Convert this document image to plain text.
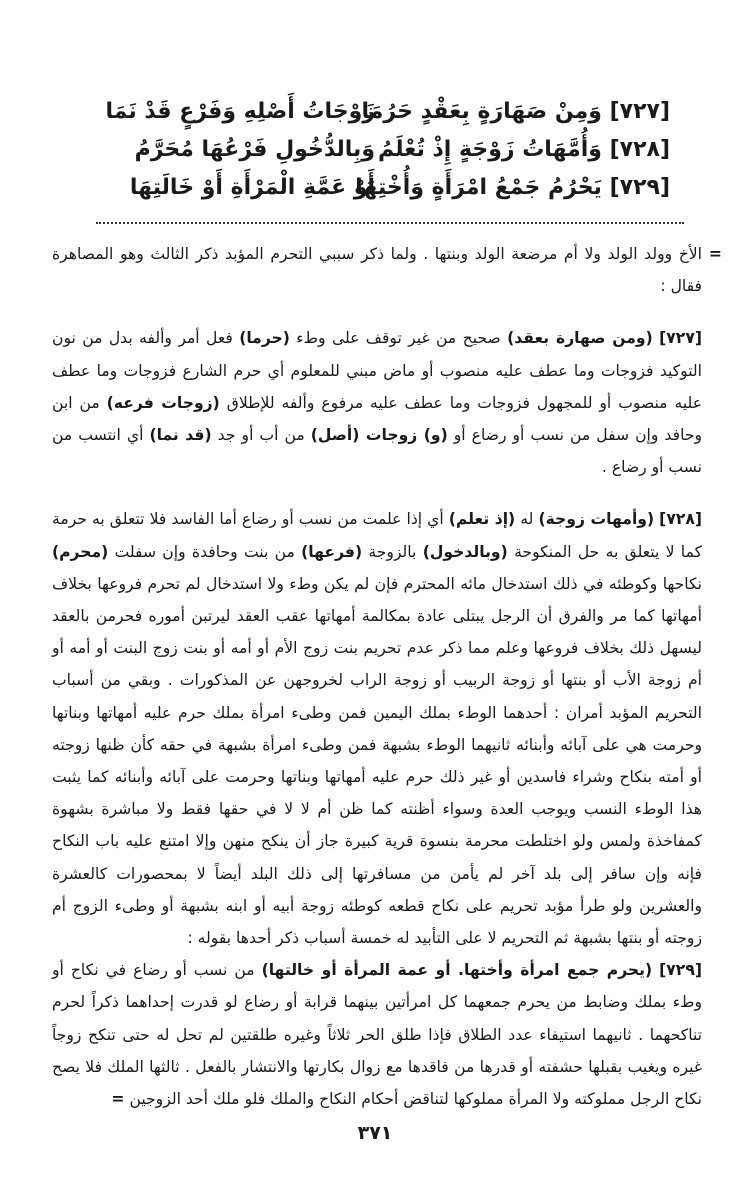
[٧٢٧] وَمِنْ صَهَارَةٍ بِعَقْدٍ حَرُمَا
زَوْجَاتُ أَصْلِهِ وَفَرْعٍ قَدْ نَمَا
[٧٢٨] وَأُمَّهَاتُ زَوْجَةٍ إِذْ تُعْلَمُ
وَبِالدُّخُولِ فَرْعُهَا مُحَرَّمُ
[٧٢٩] يَحْرُمُ جَمْعُ امْرَأَةٍ وَأُخْتِهَا
أَوْ عَمَّةِ الْمَرْأَةِ أَوْ خَالَتِهَا

=
الأخ وولد الولد ولا أم مرضعة الولد وبنتها . ولما ذكر سببي التحرم المؤبد ذكر الثالث وهو المصاهرة فقال :

[٧٢٧] (ومن صهارة بعقد) صحيح من غير توقف على وطء (حرما) فعل أمر وألفه بدل من نون التوكيد فزوجات وما عطف عليه منصوب أو ماض مبني للمعلوم أي حرم الشارع فزوجات وما عطف عليه منصوب أو للمجهول فزوجات وما عطف عليه مرفوع وألفه للإطلاق (زوجات فرعه) من ابن وحافد وإن سفل من نسب أو رضاع أو (و) زوجات (أصل) من أب أو جد (قد نما) أي انتسب من نسب أو رضاع .

[٧٢٨] (وأمهات زوجة) له (إذ تعلم) أي إذا علمت من نسب أو رضاع أما الفاسد فلا تتعلق به حرمة كما لا يتعلق به حل المنكوحة (وبالدخول) بالزوجة (فرعها) من بنت وحافدة وإن سفلت (محرم) نكاحها وكوطئه في ذلك استدخال مائه المحترم فإن لم يكن وطء ولا استدخال لم تحرم فروعها بخلاف أمهاتها كما مر والفرق أن الرجل يبتلى عادة بمكالمة أمهاتها عقب العقد ليرتبن أموره فحرمن بالعقد ليسهل ذلك بخلاف فروعها وعلم مما ذكر عدم تحريم بنت زوج الأم أو أمه أو بنت زوج البنت أو أمه أو أم زوجة الأب أو بنتها أو زوجة الربيب أو زوجة الراب لخروجهن عن المذكورات . وبقي من أسباب التحريم المؤبد أمران : أحدهما الوطء بملك اليمين فمن وطىء امرأة بملك حرم عليه أمهاتها وبناتها وحرمت هي على آبائه وأبنائه ثانيهما الوطء بشبهة فمن وطىء امرأة بشبهة في حقه كأن ظنها زوجته أو أمته بنكاح وشراء فاسدين أو غير ذلك حرم عليه أمهاتها وبناتها وحرمت على آبائه وأبنائه كما يثبت هذا الوطء النسب ويوجب العدة وسواء أظنته كما ظن أم لا لا في حقها فقط ولا مباشرة بشهوة كمفاخذة ولمس ولو اختلطت محرمة بنسوة قرية كبيرة جاز أن ينكح منهن وإلا امتنع عليه باب النكاح فإنه وإن سافر إلى بلد آخر لم يأمن من مسافرتها إلى ذلك البلد أيضاً لا بمحصورات كالعشرة والعشرين ولو طرأ مؤبد تحريم على نكاح قطعه كوطئه زوجة أبيه أو ابنه بشبهة أو وطىء الزوج أم زوجته أو بنتها بشبهة ثم التحريم لا على التأبيد له خمسة أسباب ذكر أحدها بقوله :

[٧٢٩] (يحرم جمع امرأة وأختها. أو عمة المرأة أو خالتها) من نسب أو رضاع في نكاح أو وطء بملك وضابط من يحرم جمعهما كل امرأتين بينهما قرابة أو رضاع لو قدرت إحداهما ذكراً لحرم تناكحهما . ثانيهما استيفاء عدد الطلاق فإذا طلق الحر ثلاثاً وغيره طلقتين لم تحل له حتى تنكح زوجاً غيره ويغيب بقبلها حشفته أو قدرها من فاقدها مع زوال بكارتها والانتشار بالفعل . ثالثها الملك فلا يصح نكاح الرجل مملوكته ولا المرأة مملوكها لتناقض أحكام النكاح والملك فلو ملك أحد الزوجين =

٣٧١
